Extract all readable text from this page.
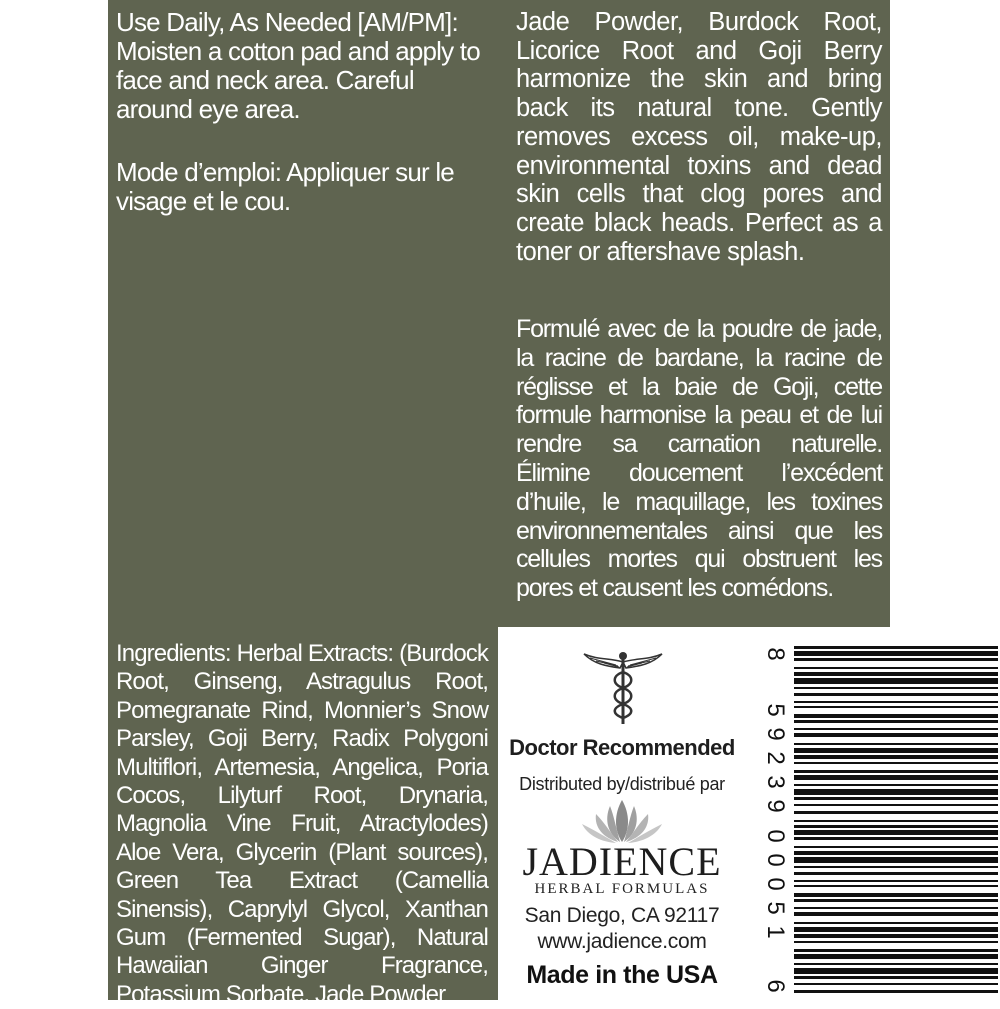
Use Daily, As Needed [AM/PM]: Moisten a cotton pad and apply to face and neck area. Careful around eye area.
Mode d’emploi: Appliquer sur le visage et le cou.
Jade Powder, Burdock Root, Licorice Root and Goji Berry harmonize the skin and bring back its natural tone. Gently removes excess oil, make-up, environmental toxins and dead skin cells that clog pores and create black heads. Perfect as a toner or aftershave splash.
Formulé avec de la poudre de jade, la racine de bardane, la racine de réglisse et la baie de Goji, cette formule harmonise la peau et de lui rendre sa carnation naturelle. Élimine doucement l’excédent d’huile, le maquillage, les toxines environnementales ainsi que les cellules mortes qui obstruent les pores et causent les comédons.
Ingredients: Herbal Extracts: (Burdock Root, Ginseng, Astragulus Root, Pomegranate Rind, Monnier’s Snow Parsley, Goji Berry, Radix Polygoni Multiflori, Artemesia, Angelica, Poria Cocos, Lilyturf Root, Drynaria, Magnolia Vine Fruit, Atractylodes) Aloe Vera, Glycerin (Plant sources), Green Tea Extract (Camellia Sinensis), Caprylyl Glycol, Xanthan Gum (Fermented Sugar), Natural Hawaiian Ginger Fragrance, Potassium Sorbate, Jade Powder
Doctor Recommended
Distributed by/distribué par
JADIENCE
HERBAL FORMULAS
San Diego, CA 92117
www.jadience.com
Made in the USA
8
5
9
2
3
9
0
0
0
5
1
6
